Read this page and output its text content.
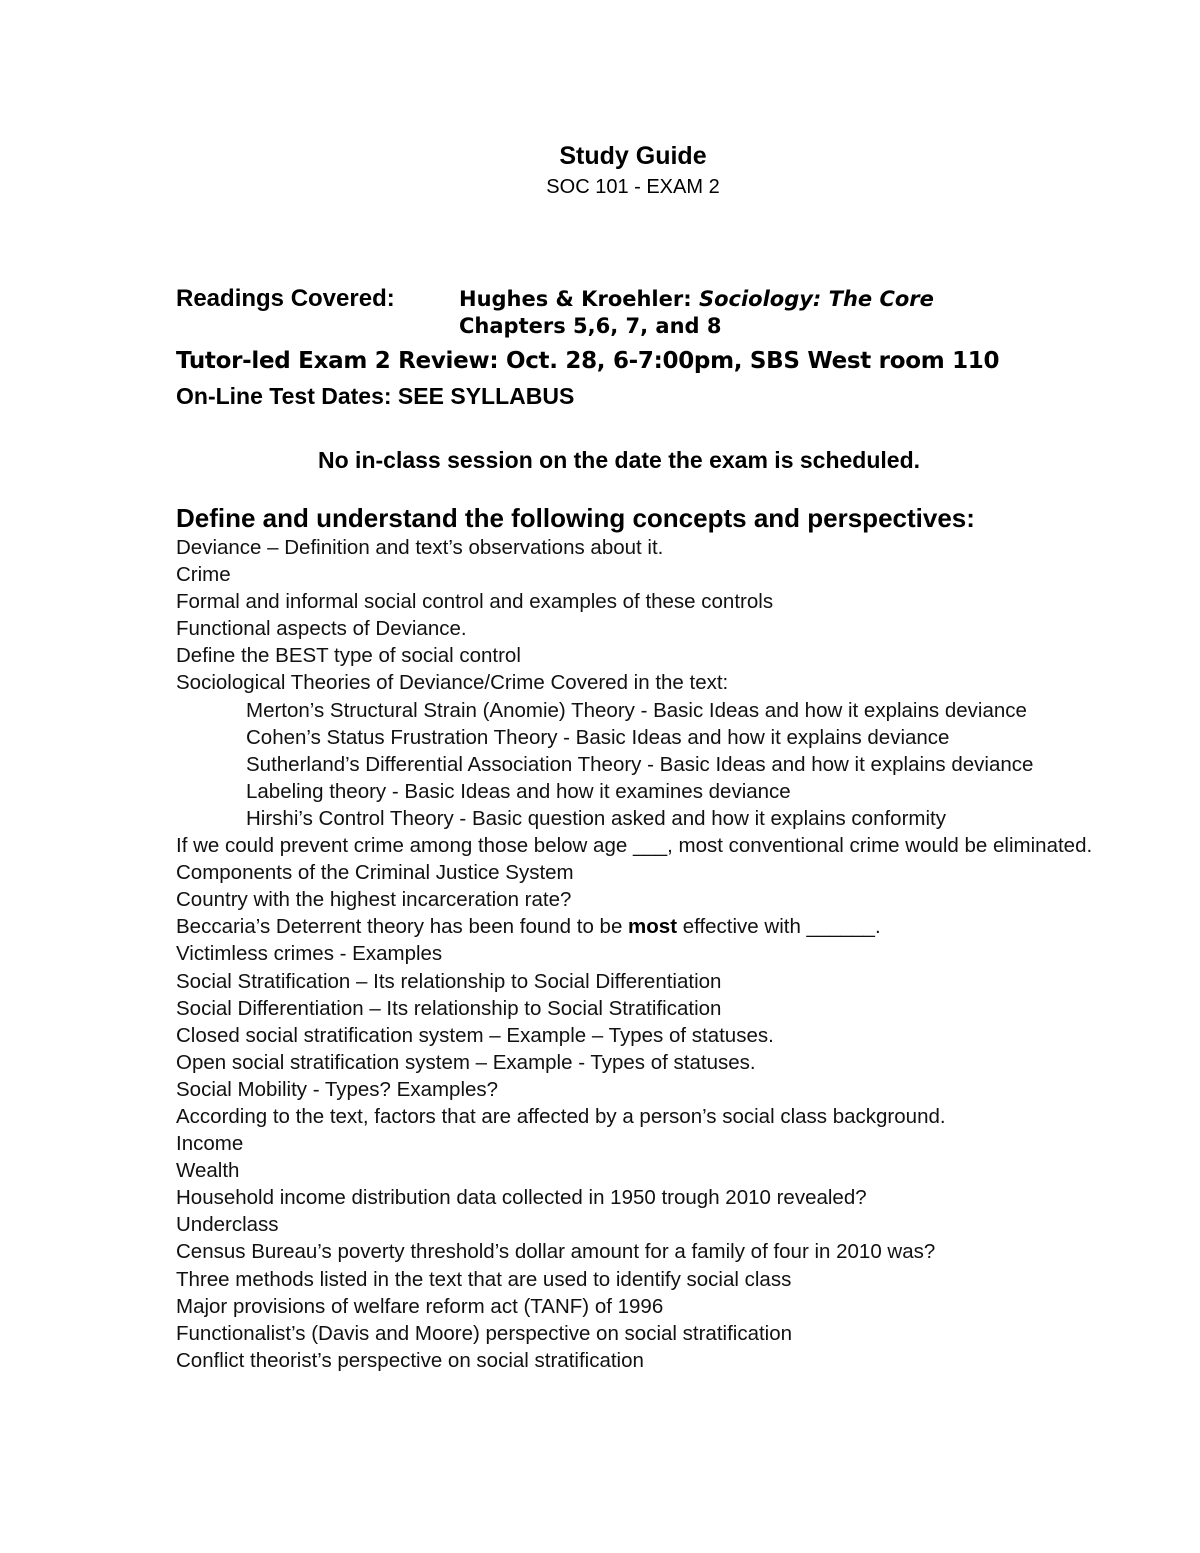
Study Guide
SOC 101 - EXAM 2
Readings Covered:	Hughes & Kroehler: Sociology: The Core
Chapters 5,6, 7, and 8
Tutor-led Exam 2 Review: Oct. 28, 6-7:00pm, SBS West room 110
On-Line Test Dates: SEE SYLLABUS
No in-class session on the date the exam is scheduled.
Define and understand the following concepts and perspectives:
Deviance – Definition and text’s observations about it.
Crime
Formal and informal social control and examples of these controls
Functional aspects of Deviance.
Define the BEST type of social control
Sociological Theories of Deviance/Crime Covered in the text:
Merton’s Structural Strain (Anomie) Theory - Basic Ideas and how it explains deviance
Cohen’s Status Frustration Theory - Basic Ideas and how it explains deviance
Sutherland’s Differential Association Theory - Basic Ideas and how it explains deviance
Labeling theory - Basic Ideas and how it examines deviance
Hirshi’s Control Theory - Basic question asked and how it explains conformity
If we could prevent crime among those below age ___, most conventional crime would be eliminated.
Components of the Criminal Justice System
Country with the highest incarceration rate?
Beccaria’s Deterrent theory has been found to be most effective with ______.
Victimless crimes - Examples
Social Stratification – Its relationship to Social Differentiation
Social Differentiation – Its relationship to Social Stratification
Closed social stratification system – Example – Types of statuses.
Open social stratification system – Example - Types of statuses.
Social Mobility - Types? Examples?
According to the text, factors that are affected by a person’s social class background.
Income
Wealth
Household income distribution data collected in 1950 trough 2010 revealed?
Underclass
Census Bureau’s poverty threshold’s dollar amount for a family of four in 2010 was?
Three methods listed in the text that are used to identify social class
Major provisions of welfare reform act (TANF) of 1996
Functionalist’s (Davis and Moore) perspective on social stratification
Conflict theorist’s perspective on social stratification
